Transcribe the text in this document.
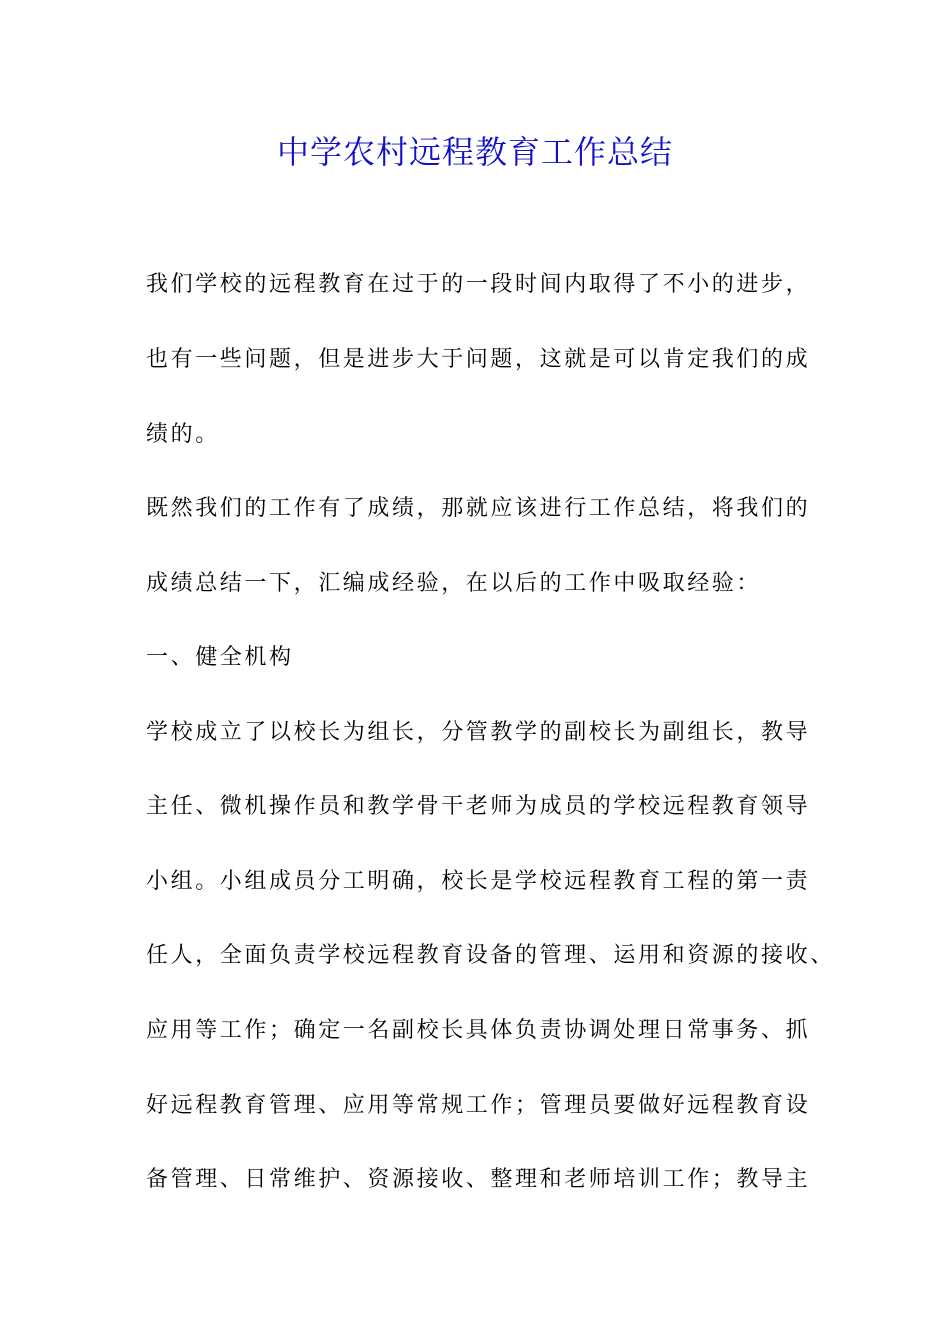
中学农村远程教育工作总结
我们学校的远程教育在过于的一段时间内取得了不小的进步，
也有一些问题，但是进步大于问题，这就是可以肯定我们的成
绩的。
既然我们的工作有了成绩，那就应该进行工作总结，将我们的
成绩总结一下，汇编成经验，在以后的工作中吸取经验：
一、健全机构
学校成立了以校长为组长，分管教学的副校长为副组长，教导
主任、微机操作员和教学骨干老师为成员的学校远程教育领导
小组。小组成员分工明确，校长是学校远程教育工程的第一责
任人，全面负责学校远程教育设备的管理、运用和资源的接收、
应用等工作；确定一名副校长具体负责协调处理日常事务、抓
好远程教育管理、应用等常规工作；管理员要做好远程教育设
备管理、日常维护、资源接收、整理和老师培训工作；教导主
